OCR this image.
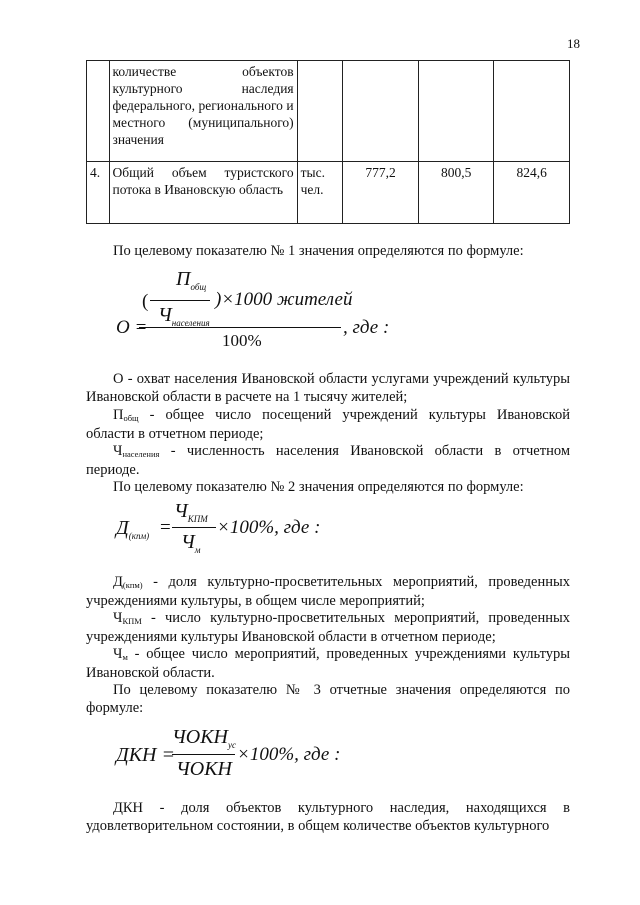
18
	количестве объектов культурного наследия федерального, регионального и местного (муниципального) значения				
4.	Общий объем туристского потока в Ивановскую область	тыс. чел.	777,2	800,5	824,6
По целевому показателю № 1 значения определяются по формуле:
$П_{общ}$
(	)×1000 жителей
$Ч_{населения}$
О =	, где :
100%
О - охват населения Ивановской области услугами учреждений культуры Ивановской области в расчете на 1 тысячу жителей;
$П_{общ}$ - общее число посещений учреждений культуры Ивановской области в отчетном периоде;
$Ч_{населения}$ - численность населения Ивановской области в отчетном периоде.
По целевому показателю № 2 значения определяются по формуле:
$Д_{(кпм)}$ =
$Ч_{КПМ}$
$Ч_м$
×100%, где :
$Д_{(кпм)}$ - доля культурно-просветительных мероприятий, проведенных учреждениями культуры, в общем числе мероприятий;
$Ч_{КПМ}$ - число культурно-просветительных мероприятий, проведенных учреждениями культуры Ивановской области в отчетном периоде;
$Ч_м$ - общее число мероприятий, проведенных учреждениями культуры Ивановской области.
По целевому показателю № 3 отчетные значения определяются по формуле:
ДКН =
$ЧОКН_{ус}$
ЧОКН
×100%, где :
ДКН - доля объектов культурного наследия, находящихся в удовлетворительном состоянии, в общем количестве объектов культурного
